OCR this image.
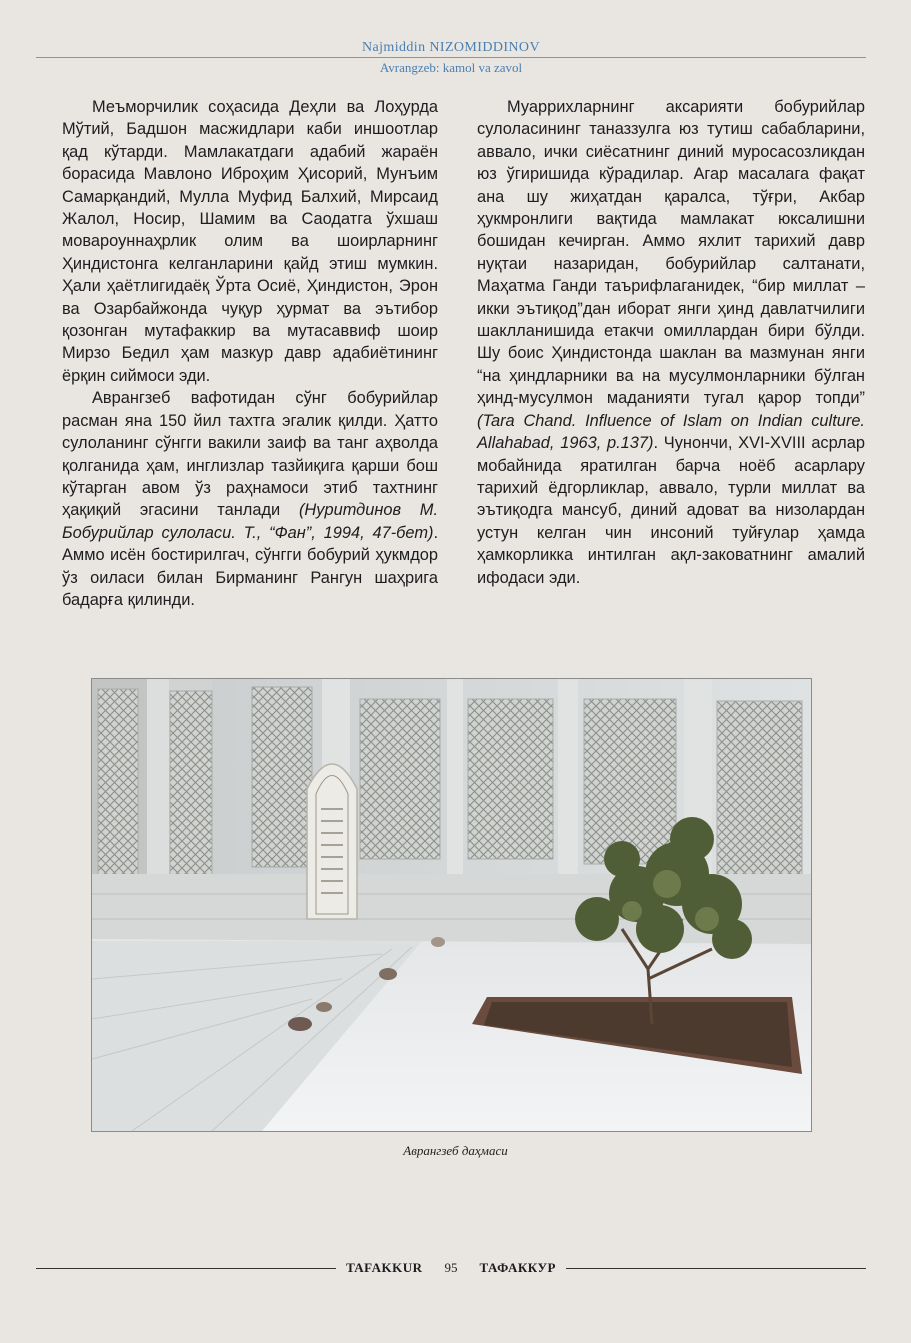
Najmiddin NIZOMIDDINOV
Avrangzeb: kamol va zavol

Меъморчилик соҳасида Деҳли ва Лоҳурда Мўтий, Бадшон масжидлари каби иншоотлар қад кўтарди. Мамлакатдаги адабий жараён борасида Мавлоно Иброҳим Ҳисорий, Мунъим Самарқандий, Мулла Муфид Балхий, Мирсаид Жалол, Носир, Шамим ва Саодатга ўхшаш мовароуннаҳрлик олим ва шоирларнинг Ҳиндистонга келганларини қайд этиш мумкин. Ҳали ҳаётлигидаёқ Ўрта Осиё, Ҳиндистон, Эрон ва Озарбайжонда чуқур ҳурмат ва эътибор қозонган мутафаккир ва мутасаввиф шоир Мирзо Бедил ҳам мазкур давр адабиётининг ёрқин сиймоси эди.

Аврангзеб вафотидан сўнг бобурийлар расман яна 150 йил тахтга эгалик қилди. Ҳатто сулоланинг сўнгги вакили заиф ва танг аҳволда қолганида ҳам, инглизлар тазйиқига қарши бош кўтарган авом ўз раҳнамоси этиб тахтнинг ҳақиқий эгасини танлади (Нуритдинов М. Бобурийлар сулоласи. Т., “Фан”, 1994, 47-бет). Аммо исён бостирилгач, сўнгги бобурий ҳукмдор ўз оиласи билан Бирманинг Рангун шаҳрига бадарға қилинди.

Муаррихларнинг аксарияти бобурийлар сулоласининг таназзулга юз тутиш сабабларини, аввало, ички сиёсатнинг диний муросасозликдан юз ўгиришида кўрадилар. Агар масалага фақат ана шу жиҳатдан қаралса, тўғри, Акбар ҳукмронлиги вақтида мамлакат юксалишни бошидан кечирган. Аммо яхлит тарихий давр нуқтаи назаридан, бобурийлар салтанати, Маҳатма Ганди таърифлаганидек, “бир миллат – икки эътиқод”дан иборат янги ҳинд давлатчилиги шаклланишида етакчи омиллардан бири бўлди. Шу боис Ҳиндистонда шаклан ва мазмунан янги “на ҳиндларники ва на мусулмонларники бўлган ҳинд-мусулмон маданияти тугал қарор топди” (Tara Chand. Influence of Islam on Indian culture. Allahabad, 1963, p.137). Чунончи, XVI-XVIII асрлар мобайнида яратилган барча ноёб асарлару тарихий ёдгорликлар, аввало, турли миллат ва эътиқодга мансуб, диний адоват ва низолардан устун келган чин инсоний туйғулар ҳамда ҳамкорликка интилган ақл-заковатнинг амалий ифодаси эди.

Аврангзеб даҳмаси
TAFAKKUR	95	ТАФАККУР
